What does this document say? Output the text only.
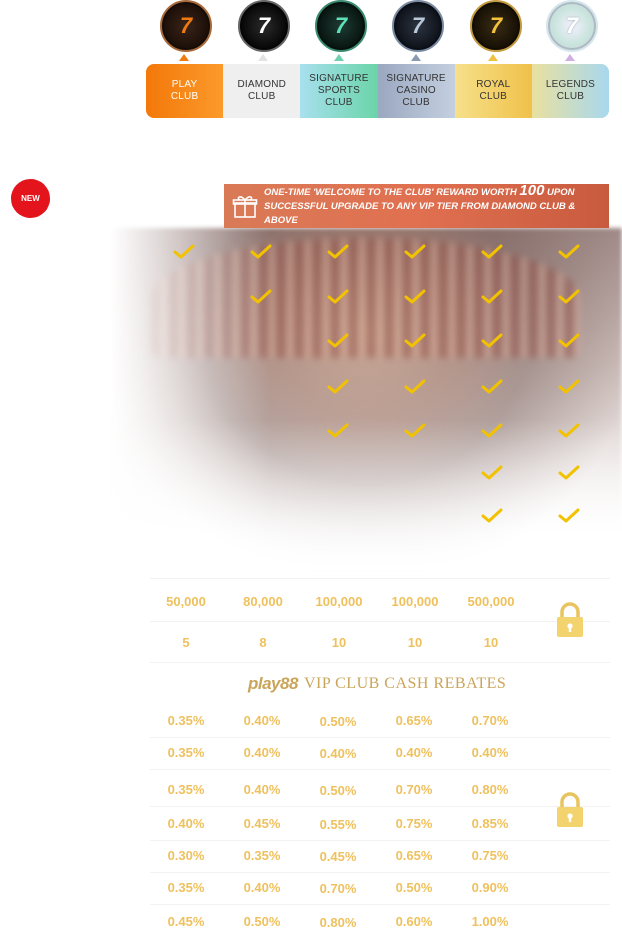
7	7	7	7	7	7
PLAY
CLUB
DIAMOND
CLUB
SIGNATURE
SPORTS
CLUB
SIGNATURE
CASINO
CLUB
ROYAL
CLUB
LEGENDS
CLUB
NEW
ONE-TIME 'WELCOME TO THE CLUB' REWARD WORTH 100 UPON
SUCCESSFUL UPGRADE TO ANY VIP TIER FROM DIAMOND CLUB & ABOVE
50,000	80,000	100,000	100,000	500,000
5	8	10	10	10
play88 VIP CLUB CASH REBATES
0.35%	0.40%	0.50%	0.65%	0.70%
0.35%	0.40%	0.40%	0.40%	0.40%
0.35%	0.40%	0.50%	0.70%	0.80%
0.40%	0.45%	0.55%	0.75%	0.85%
0.30%	0.35%	0.45%	0.65%	0.75%
0.35%	0.40%	0.70%	0.50%	0.90%
0.45%	0.50%	0.80%	0.60%	1.00%
